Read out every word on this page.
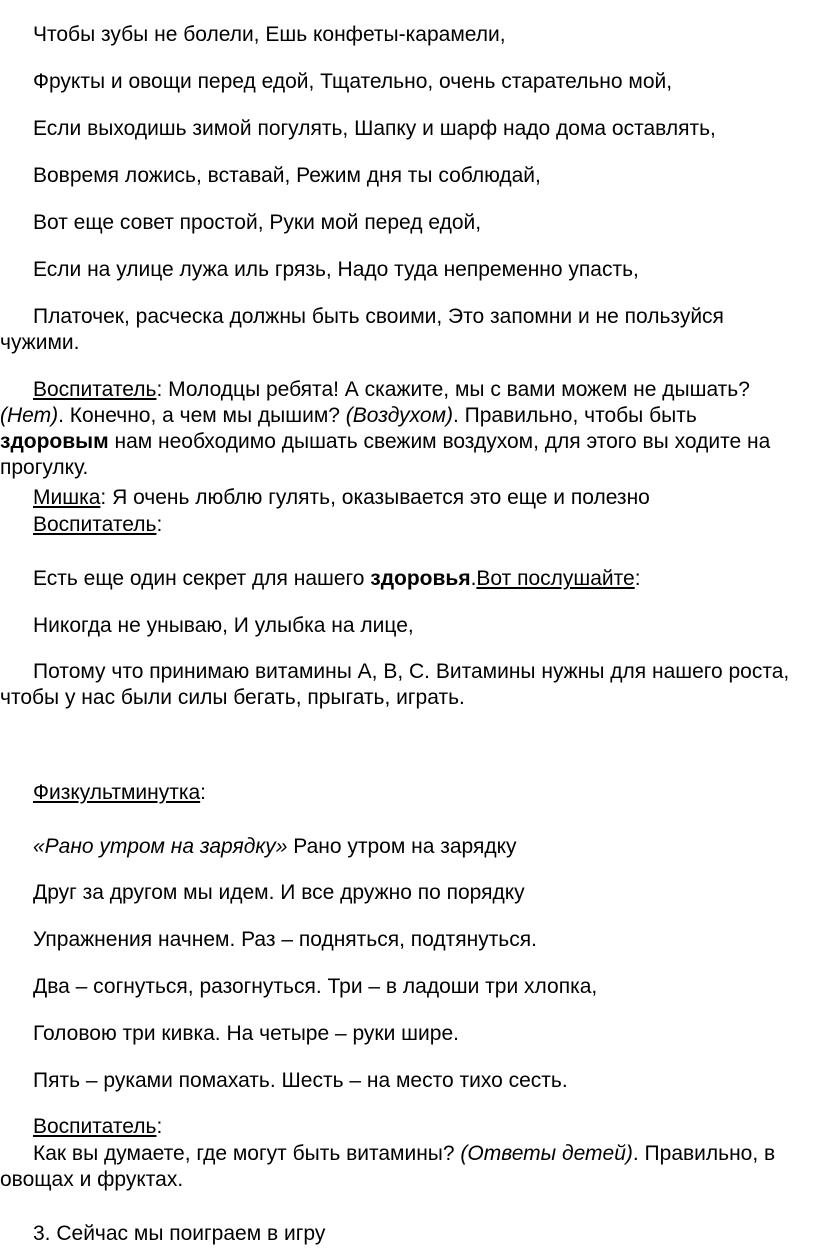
Чтобы зубы не болели, Ешь конфеты-карамели,

Фрукты и овощи перед едой, Тщательно, очень старательно мой,

Если выходишь зимой погулять, Шапку и шарф надо дома оставлять,

Вовремя ложись, вставай, Режим дня ты соблюдай,

Вот еще совет простой, Руки мой перед едой,

Если на улице лужа иль грязь, Надо туда непременно упасть,

Платочек, расческа должны быть своими, Это запомни и не пользуйся чужими.

Воспитатель: Молодцы ребята! А скажите, мы с вами можем не дышать? (Нет). Конечно, а чем мы дышим? (Воздухом). Правильно, чтобы быть здоровым нам необходимо дышать свежим воздухом, для этого вы ходите на прогулку.

Мишка: Я очень люблю гулять, оказывается это еще и полезно

Воспитатель:

Есть еще один секрет для нашего здоровья.Вот послушайте:

Никогда не унываю, И улыбка на лице,

Потому что принимаю витамины А, В, С. Витамины нужны для нашего роста, чтобы у нас были силы бегать, прыгать, играть.

Физкультминутка:

«Рано утром на зарядку» Рано утром на зарядку

Друг за другом мы идем. И все дружно по порядку

Упражнения начнем. Раз – подняться, подтянуться.

Два – согнуться, разогнуться. Три – в ладоши три хлопка,

Головою три кивка. На четыре – руки шире.

Пять – руками помахать. Шесть – на место тихо сесть.

Воспитатель:

Как вы думаете, где могут быть витамины? (Ответы детей). Правильно, в овощах и фруктах.

3. Сейчас мы поиграем в игру
